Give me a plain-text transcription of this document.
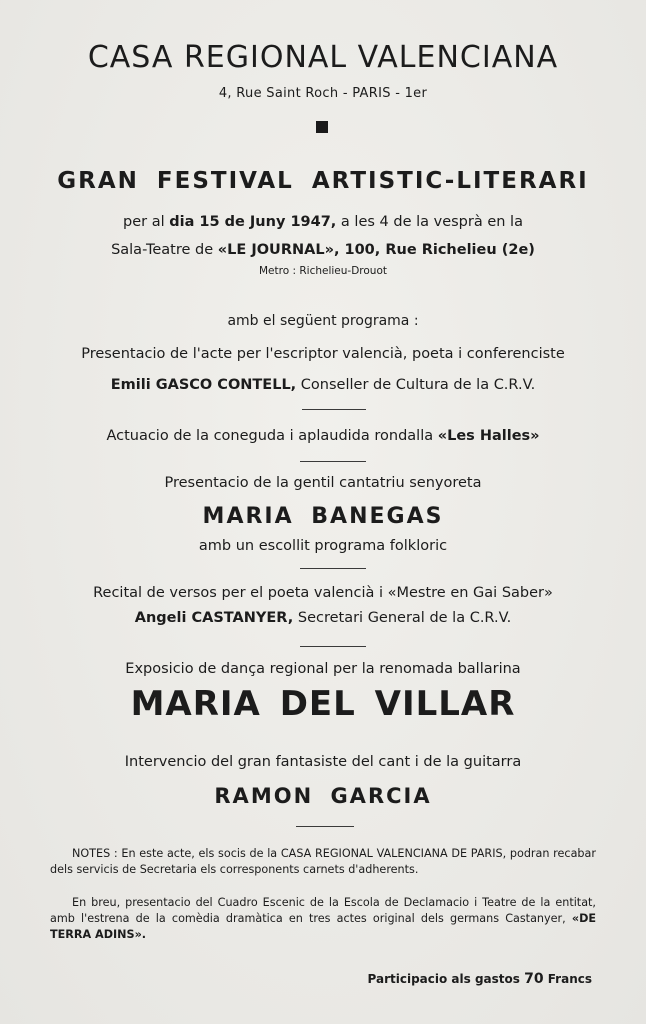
CASA REGIONAL VALENCIANA
4, Rue Saint Roch - PARIS - 1er
GRAN FESTIVAL ARTISTIC-LITERARI
per al dia 15 de Juny 1947, a les 4 de la vesprà en la
Sala-Teatre de «LE JOURNAL», 100, Rue Richelieu (2e)
Metro : Richelieu-Drouot
amb el següent programa :
Presentacio de l'acte per l'escriptor valencià, poeta i conferenciste
Emili GASCO CONTELL, Conseller de Cultura de la C.R.V.
Actuacio de la coneguda i aplaudida rondalla «Les Halles»
Presentacio de la gentil cantatriu senyoreta
MARIA BANEGAS
amb un escollit programa folkloric
Recital de versos per el poeta valencià i «Mestre en Gai Saber»
Angeli CASTANYER, Secretari General de la C.R.V.
Exposicio de dança regional per la renomada ballarina
MARIA DEL VILLAR
Intervencio del gran fantasiste del cant i de la guitarra
RAMON GARCIA
NOTES : En este acte, els socis de la CASA REGIONAL VALENCIANA DE PARIS, podran recabar dels servicis de Secretaria els corresponents carnets d'adherents.
En breu, presentacio del Cuadro Escenic de la Escola de Declamacio i Teatre de la entitat, amb l'estrena de la comèdia dramàtica en tres actes original dels germans Castanyer, «DE TERRA ADINS».
Participacio als gastos 70 Francs
